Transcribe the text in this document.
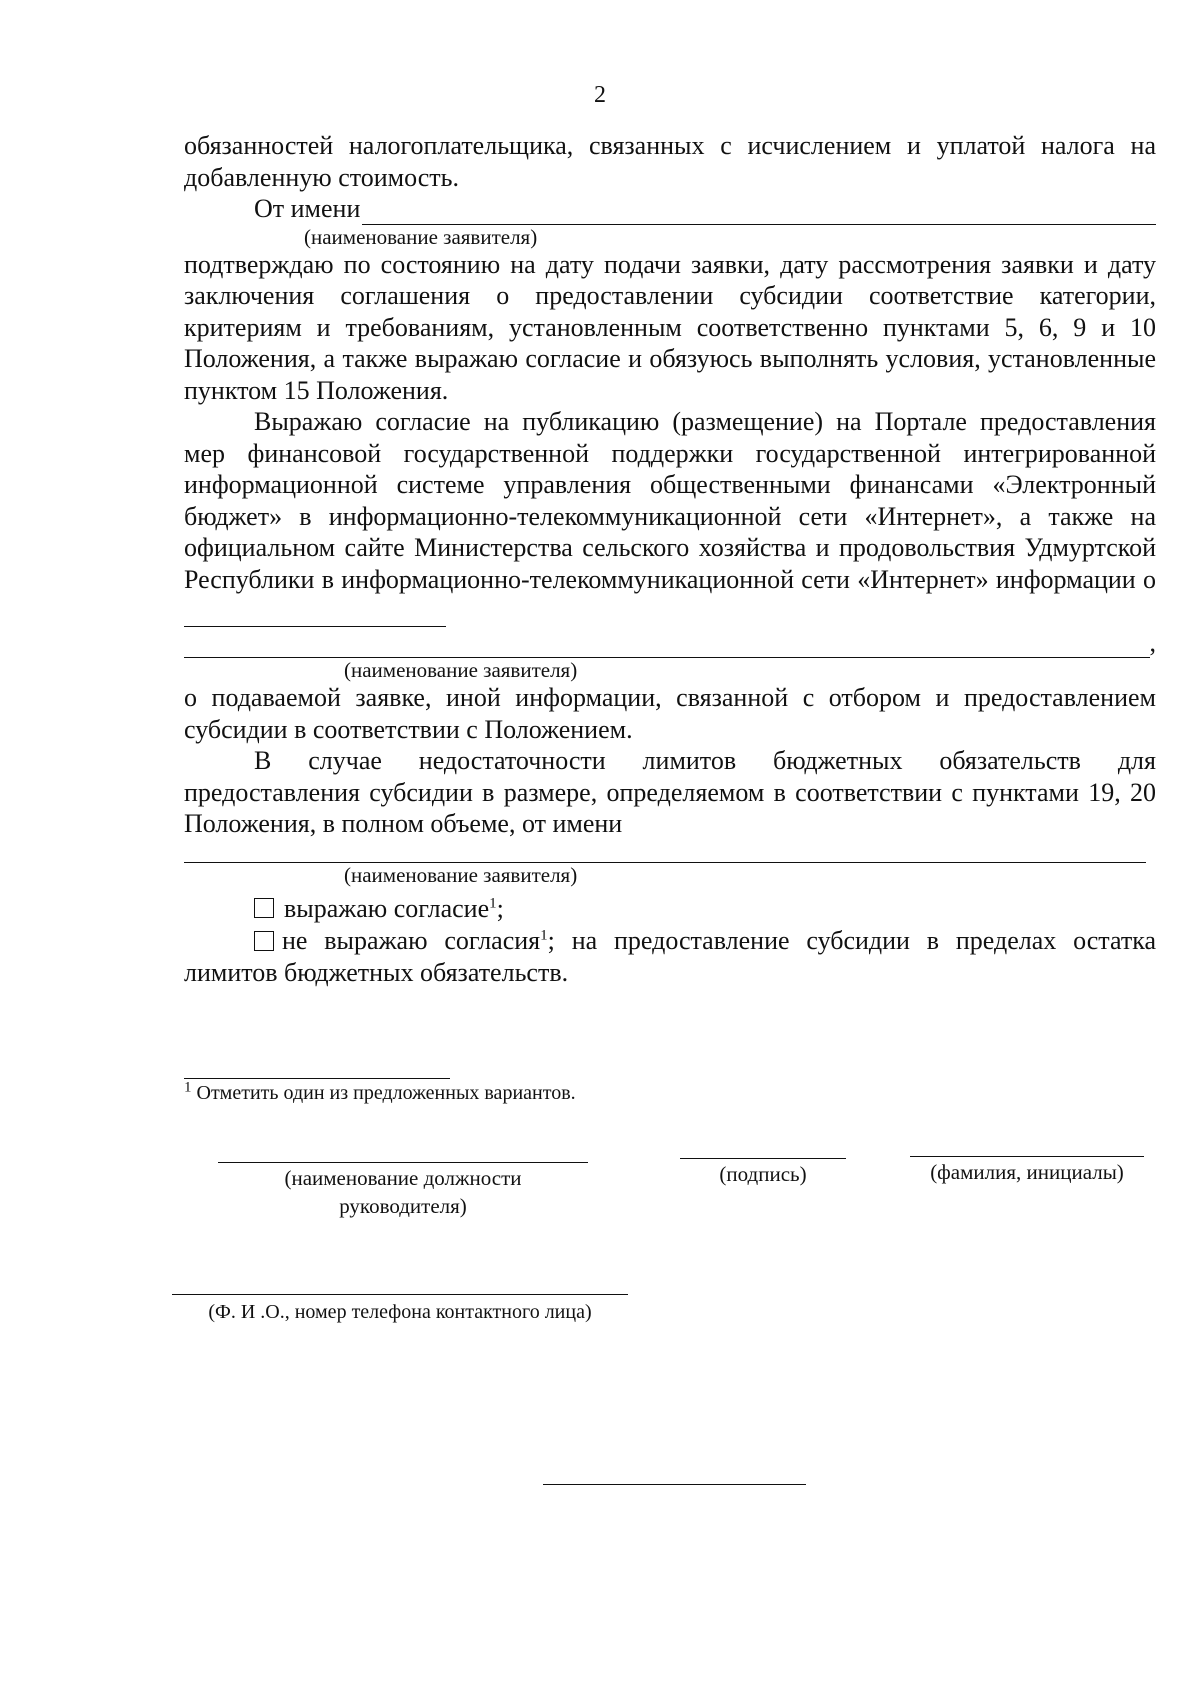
2

обязанностей налогоплательщика, связанных с исчислением и уплатой налога на добавленную стоимость.

От имени

(наименование заявителя)

подтверждаю по состоянию на дату подачи заявки, дату рассмотрения заявки и дату заключения соглашения о предоставлении субсидии соответствие категории, критериям и требованиям, установленным соответственно пунктами 5, 6, 9 и 10 Положения, а также выражаю согласие и обязуюсь выполнять условия, установленные пунктом 15 Положения.

Выражаю согласие на публикацию (размещение) на Портале предоставления мер финансовой государственной поддержки государственной интегрированной информационной системе управления общественными финансами «Электронный бюджет» в информационно-телекоммуникационной сети «Интернет», а также на официальном сайте Министерства сельского хозяйства и продовольствия Удмуртской Республики в информационно-телекоммуникационной сети «Интернет» информации о

,

(наименование заявителя)

о подаваемой заявке, иной информации, связанной с отбором и предоставлением субсидии в соответствии с Положением.

В случае недостаточности лимитов бюджетных обязательств для предоставления субсидии в размере, определяемом в соответствии с пунктами 19, 20 Положения, в полном объеме, от имени

(наименование заявителя)

выражаю согласие$^1$;

не выражаю согласия$^1$; на предоставление субсидии в пределах остатка лимитов бюджетных обязательств.

$^1$ Отметить один из предложенных вариантов.
(наименование должности
руководителя)
(подпись)	(фамилия, инициалы)
(Ф. И .О., номер телефона контактного лица)
